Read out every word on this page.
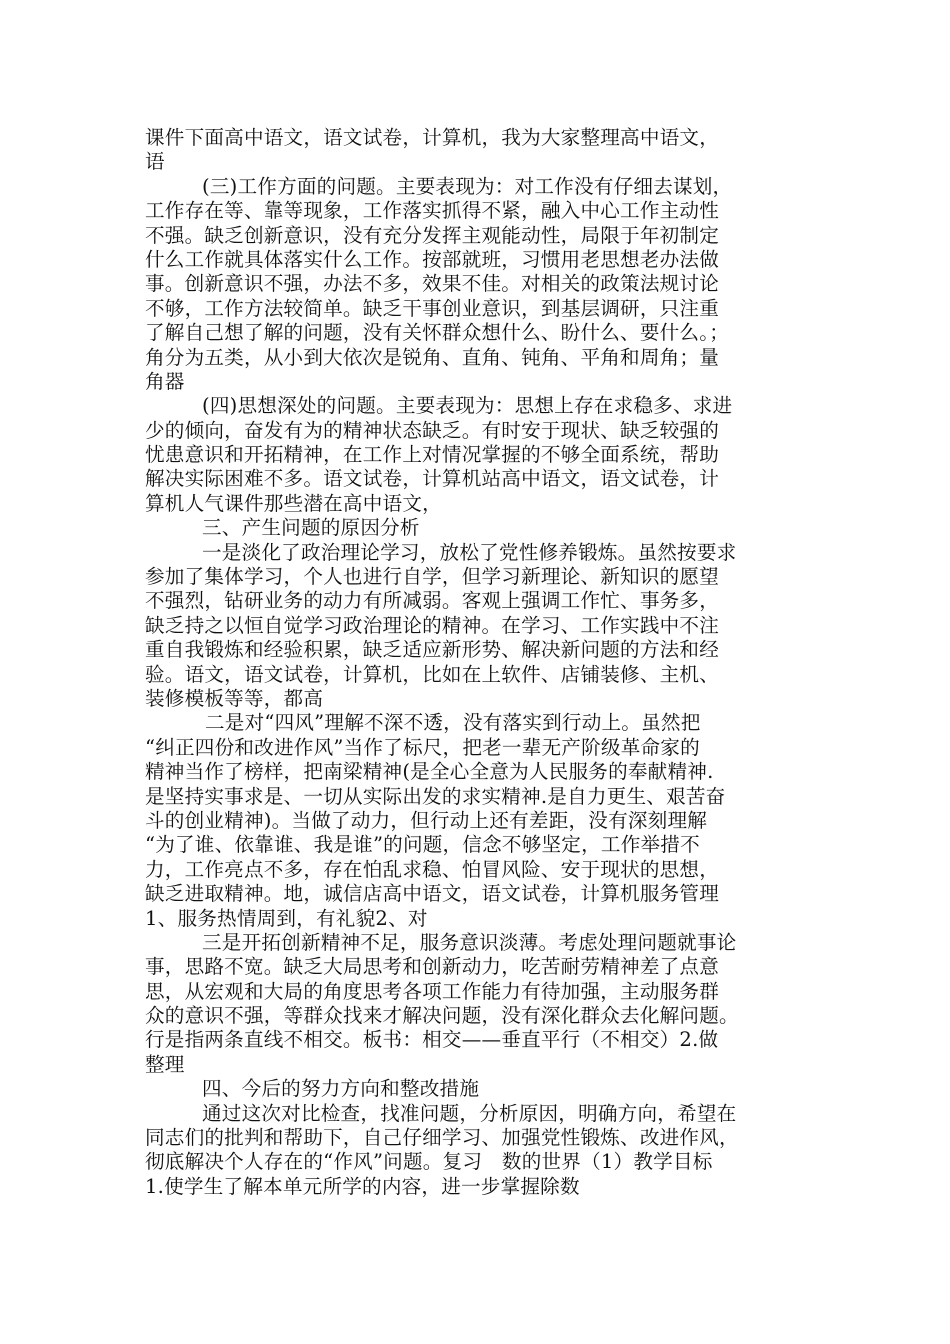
课件下面高中语文，语文试卷，计算机，我为大家整理高中语文，
语
(三)工作方面的问题。主要表现为：对工作没有仔细去谋划，
工作存在等、靠等现象，工作落实抓得不紧，融入中心工作主动性
不强。缺乏创新意识，没有充分发挥主观能动性，局限于年初制定
什么工作就具体落实什么工作。按部就班，习惯用老思想老办法做
事。创新意识不强，办法不多，效果不佳。对相关的政策法规讨论
不够，工作方法较简单。缺乏干事创业意识，到基层调研，只注重
了解自己想了解的问题，没有关怀群众想什么、盼什么、要什么。；
角分为五类，从小到大依次是锐角、直角、钝角、平角和周角；量
角器
(四)思想深处的问题。主要表现为：思想上存在求稳多、求进
少的倾向，奋发有为的精神状态缺乏。有时安于现状、缺乏较强的
忧患意识和开拓精神，在工作上对情况掌握的不够全面系统，帮助
解决实际困难不多。语文试卷，计算机站高中语文，语文试卷，计
算机人气课件那些潜在高中语文，
三、产生问题的原因分析
一是淡化了政治理论学习，放松了党性修养锻炼。虽然按要求
参加了集体学习，个人也进行自学，但学习新理论、新知识的愿望
不强烈，钻研业务的动力有所减弱。客观上强调工作忙、事务多，
缺乏持之以恒自觉学习政治理论的精神。在学习、工作实践中不注
重自我锻炼和经验积累，缺乏适应新形势、解决新问题的方法和经
验。语文，语文试卷，计算机，比如在上软件、店铺装修、主机、
装修模板等等，都高
二是对“四风”理解不深不透，没有落实到行动上。虽然把
“纠正四份和改进作风”当作了标尺，把老一辈无产阶级革命家的
精神当作了榜样，把南梁精神(是全心全意为人民服务的奉献精神.
是坚持实事求是、一切从实际出发的求实精神.是自力更生、艰苦奋
斗的创业精神)。当做了动力，但行动上还有差距，没有深刻理解
“为了谁、依靠谁、我是谁”的问题，信念不够坚定，工作举措不
力，工作亮点不多，存在怕乱求稳、怕冒风险、安于现状的思想，
缺乏进取精神。地，诚信店高中语文，语文试卷，计算机服务管理
1、服务热情周到，有礼貌2、对
三是开拓创新精神不足，服务意识淡薄。考虑处理问题就事论
事，思路不宽。缺乏大局思考和创新动力，吃苦耐劳精神差了点意
思，从宏观和大局的角度思考各项工作能力有待加强，主动服务群
众的意识不强，等群众找来才解决问题，没有深化群众去化解问题。
行是指两条直线不相交。板书：相交——垂直平行（不相交）2.做
整理
四、今后的努力方向和整改措施
通过这次对比检查，找准问题，分析原因，明确方向，希望在
同志们的批判和帮助下，自己仔细学习、加强党性锻炼、改进作风，
彻底解决个人存在的“作风”问题。复习　数的世界（1）教学目标
1.使学生了解本单元所学的内容，进一步掌握除数
